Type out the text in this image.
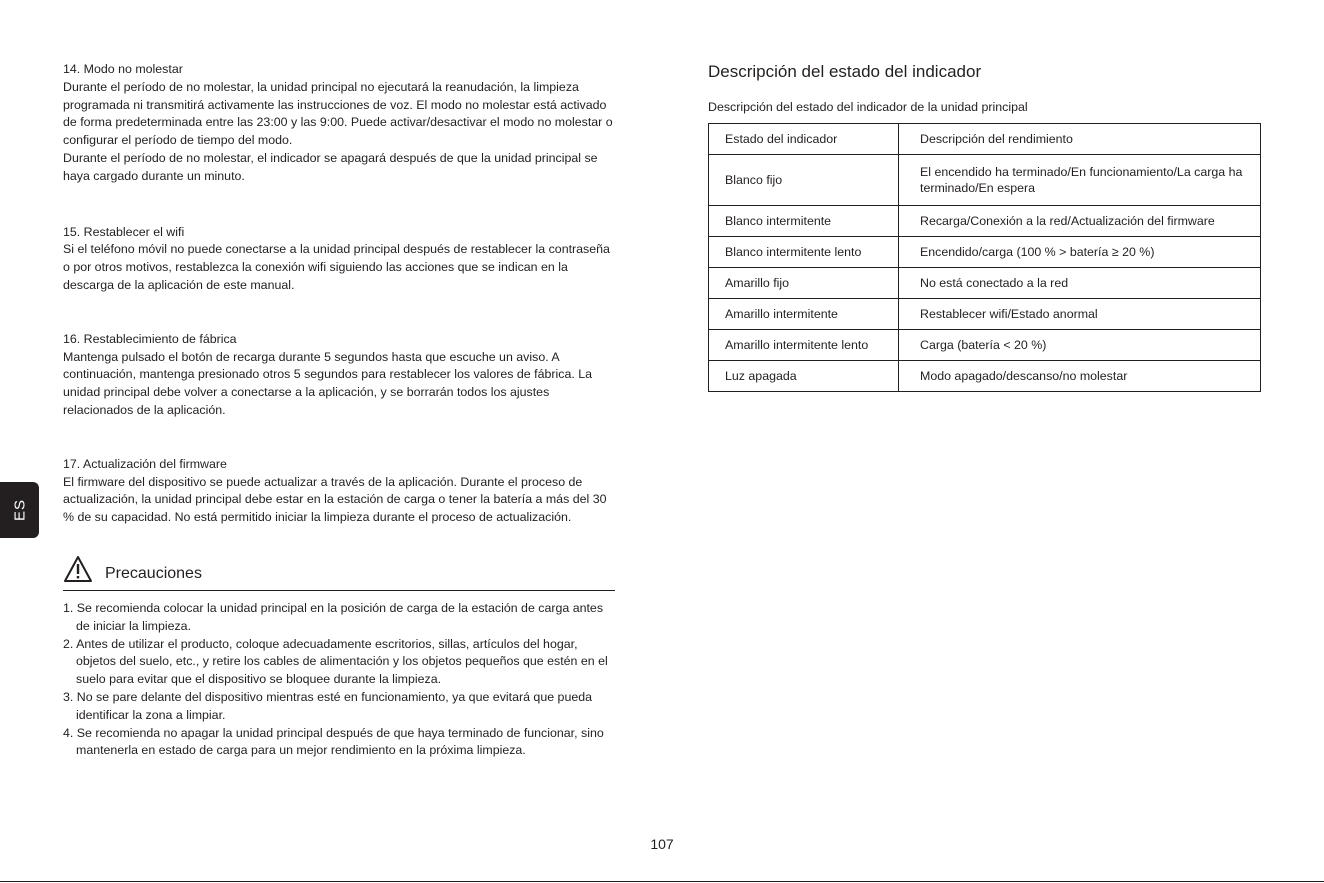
14. Modo no molestar

Durante el período de no molestar, la unidad principal no ejecutará la reanudación, la limpieza programada ni transmitirá activamente las instrucciones de voz. El modo no molestar está activado de forma predeterminada entre las 23:00 y las 9:00. Puede activar/desactivar el modo no molestar o configurar el período de tiempo del modo.

Durante el período de no molestar, el indicador se apagará después de que la unidad principal se haya cargado durante un minuto.

15. Restablecer el wifi

Si el teléfono móvil no puede conectarse a la unidad principal después de restablecer la contraseña o por otros motivos, restablezca la conexión wifi siguiendo las acciones que se indican en la descarga de la aplicación de este manual.

16. Restablecimiento de fábrica

Mantenga pulsado el botón de recarga durante 5 segundos hasta que escuche un aviso. A continuación, mantenga presionado otros 5 segundos para restablecer los valores de fábrica. La unidad principal debe volver a conectarse a la aplicación, y se borrarán todos los ajustes relacionados de la aplicación.

17. Actualización del firmware

El firmware del dispositivo se puede actualizar a través de la aplicación. Durante el proceso de actualización, la unidad principal debe estar en la estación de carga o tener la batería a más del 30 % de su capacidad. No está permitido iniciar la limpieza durante el proceso de actualización.

ES
Precauciones
1. Se recomienda colocar la unidad principal en la posición de carga de la estación de carga antes de iniciar la limpieza.
2. Antes de utilizar el producto, coloque adecuadamente escritorios, sillas, artículos del hogar, objetos del suelo, etc., y retire los cables de alimentación y los objetos pequeños que estén en el suelo para evitar que el dispositivo se bloquee durante la limpieza.
3. No se pare delante del dispositivo mientras esté en funcionamiento, ya que evitará que pueda identificar la zona a limpiar.
4. Se recomienda no apagar la unidad principal después de que haya terminado de funcionar, sino mantenerla en estado de carga para un mejor rendimiento en la próxima limpieza.
Descripción del estado del indicador
Descripción del estado del indicador de la unidad principal
Estado del indicador	Descripción del rendimiento
Blanco fijo	El encendido ha terminado/En funcionamiento/La carga ha terminado/En espera
Blanco intermitente	Recarga/Conexión a la red/Actualización del firmware
Blanco intermitente lento	Encendido/carga (100 % > batería ≥ 20 %)
Amarillo fijo	No está conectado a la red
Amarillo intermitente	Restablecer wifi/Estado anormal
Amarillo intermitente lento	Carga (batería < 20 %)
Luz apagada	Modo apagado/descanso/no molestar
107
